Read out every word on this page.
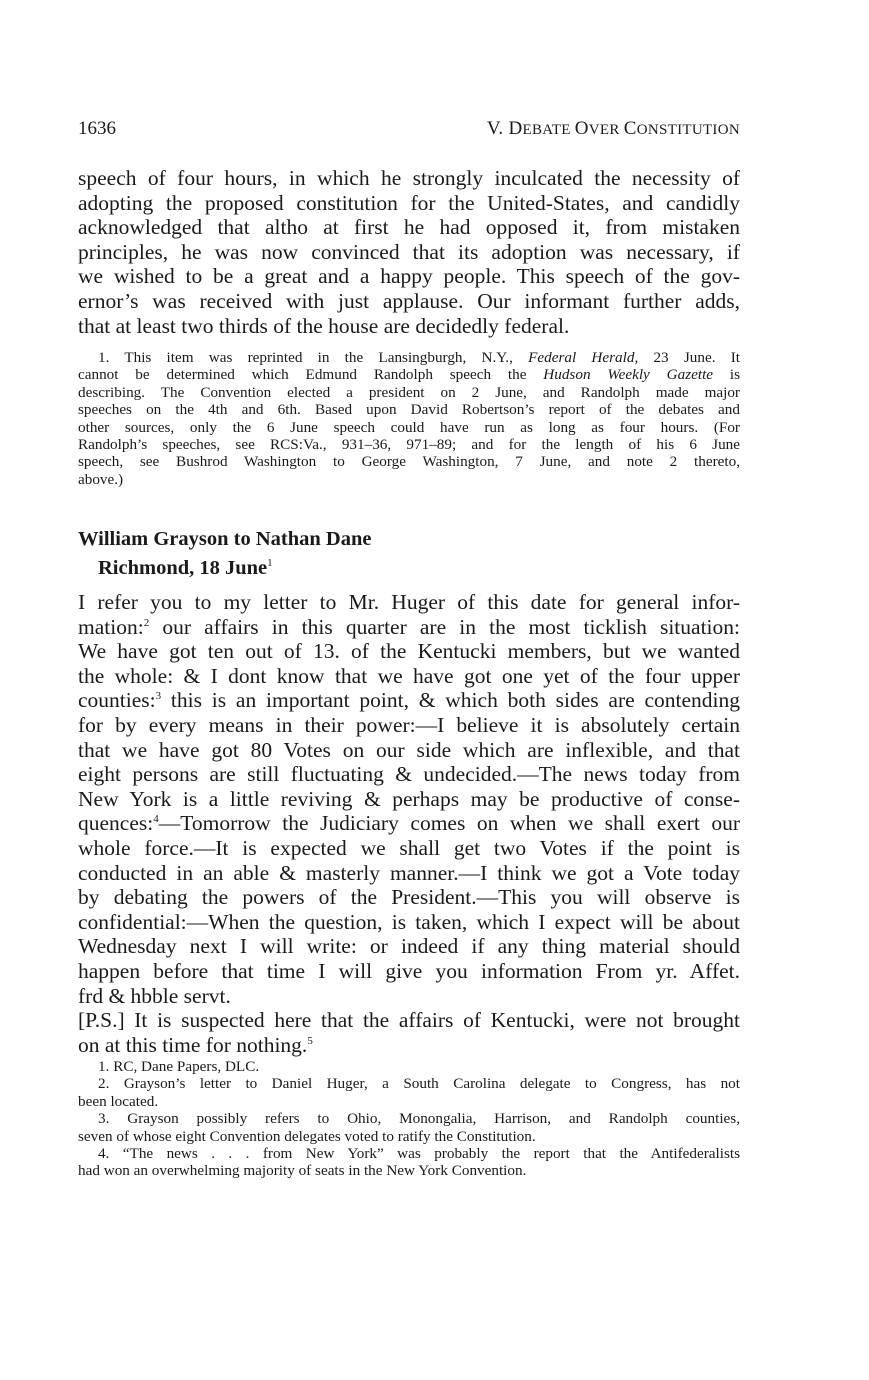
1636	V. DEBATE OVER CONSTITUTION

speech of four hours, in which he strongly inculcated the necessity of
adopting the proposed constitution for the United-States, and candidly
acknowledged that altho at first he had opposed it, from mistaken
principles, he was now convinced that its adoption was necessary, if
we wished to be a great and a happy people. This speech of the gov-
ernor’s was received with just applause. Our informant further adds,
that at least two thirds of the house are decidedly federal.

1. This item was reprinted in the Lansingburgh, N.Y., Federal Herald, 23 June. It
cannot be determined which Edmund Randolph speech the Hudson Weekly Gazette is
describing. The Convention elected a president on 2 June, and Randolph made major
speeches on the 4th and 6th. Based upon David Robertson’s report of the debates and
other sources, only the 6 June speech could have run as long as four hours. (For
Randolph’s speeches, see RCS:Va., 931–36, 971–89; and for the length of his 6 June
speech, see Bushrod Washington to George Washington, 7 June, and note 2 thereto,
above.)

William Grayson to Nathan Dane
Richmond, 18 June$^1$

I refer you to my letter to Mr. Huger of this date for general infor-
mation:$^2$ our affairs in this quarter are in the most ticklish situation:
We have got ten out of 13. of the Kentucki members, but we wanted
the whole: & I dont know that we have got one yet of the four upper
counties:$^3$ this is an important point, & which both sides are contending
for by every means in their power:—I believe it is absolutely certain
that we have got 80 Votes on our side which are inflexible, and that
eight persons are still fluctuating & undecided.—The news today from
New York is a little reviving & perhaps may be productive of conse-
quences:$^4$—Tomorrow the Judiciary comes on when we shall exert our
whole force.—It is expected we shall get two Votes if the point is
conducted in an able & masterly manner.—I think we got a Vote today
by debating the powers of the President.—This you will observe is
confidential:—When the question, is taken, which I expect will be about
Wednesday next I will write: or indeed if any thing material should
happen before that time I will give you information From yr. Affet.
frd & hbble servt.
[P.S.] It is suspected here that the affairs of Kentucki, were not brought
on at this time for nothing.$^5$

1. RC, Dane Papers, DLC.
2. Grayson’s letter to Daniel Huger, a South Carolina delegate to Congress, has not
been located.
3. Grayson possibly refers to Ohio, Monongalia, Harrison, and Randolph counties,
seven of whose eight Convention delegates voted to ratify the Constitution.
4. “The news . . . from New York” was probably the report that the Antifederalists
had won an overwhelming majority of seats in the New York Convention.
